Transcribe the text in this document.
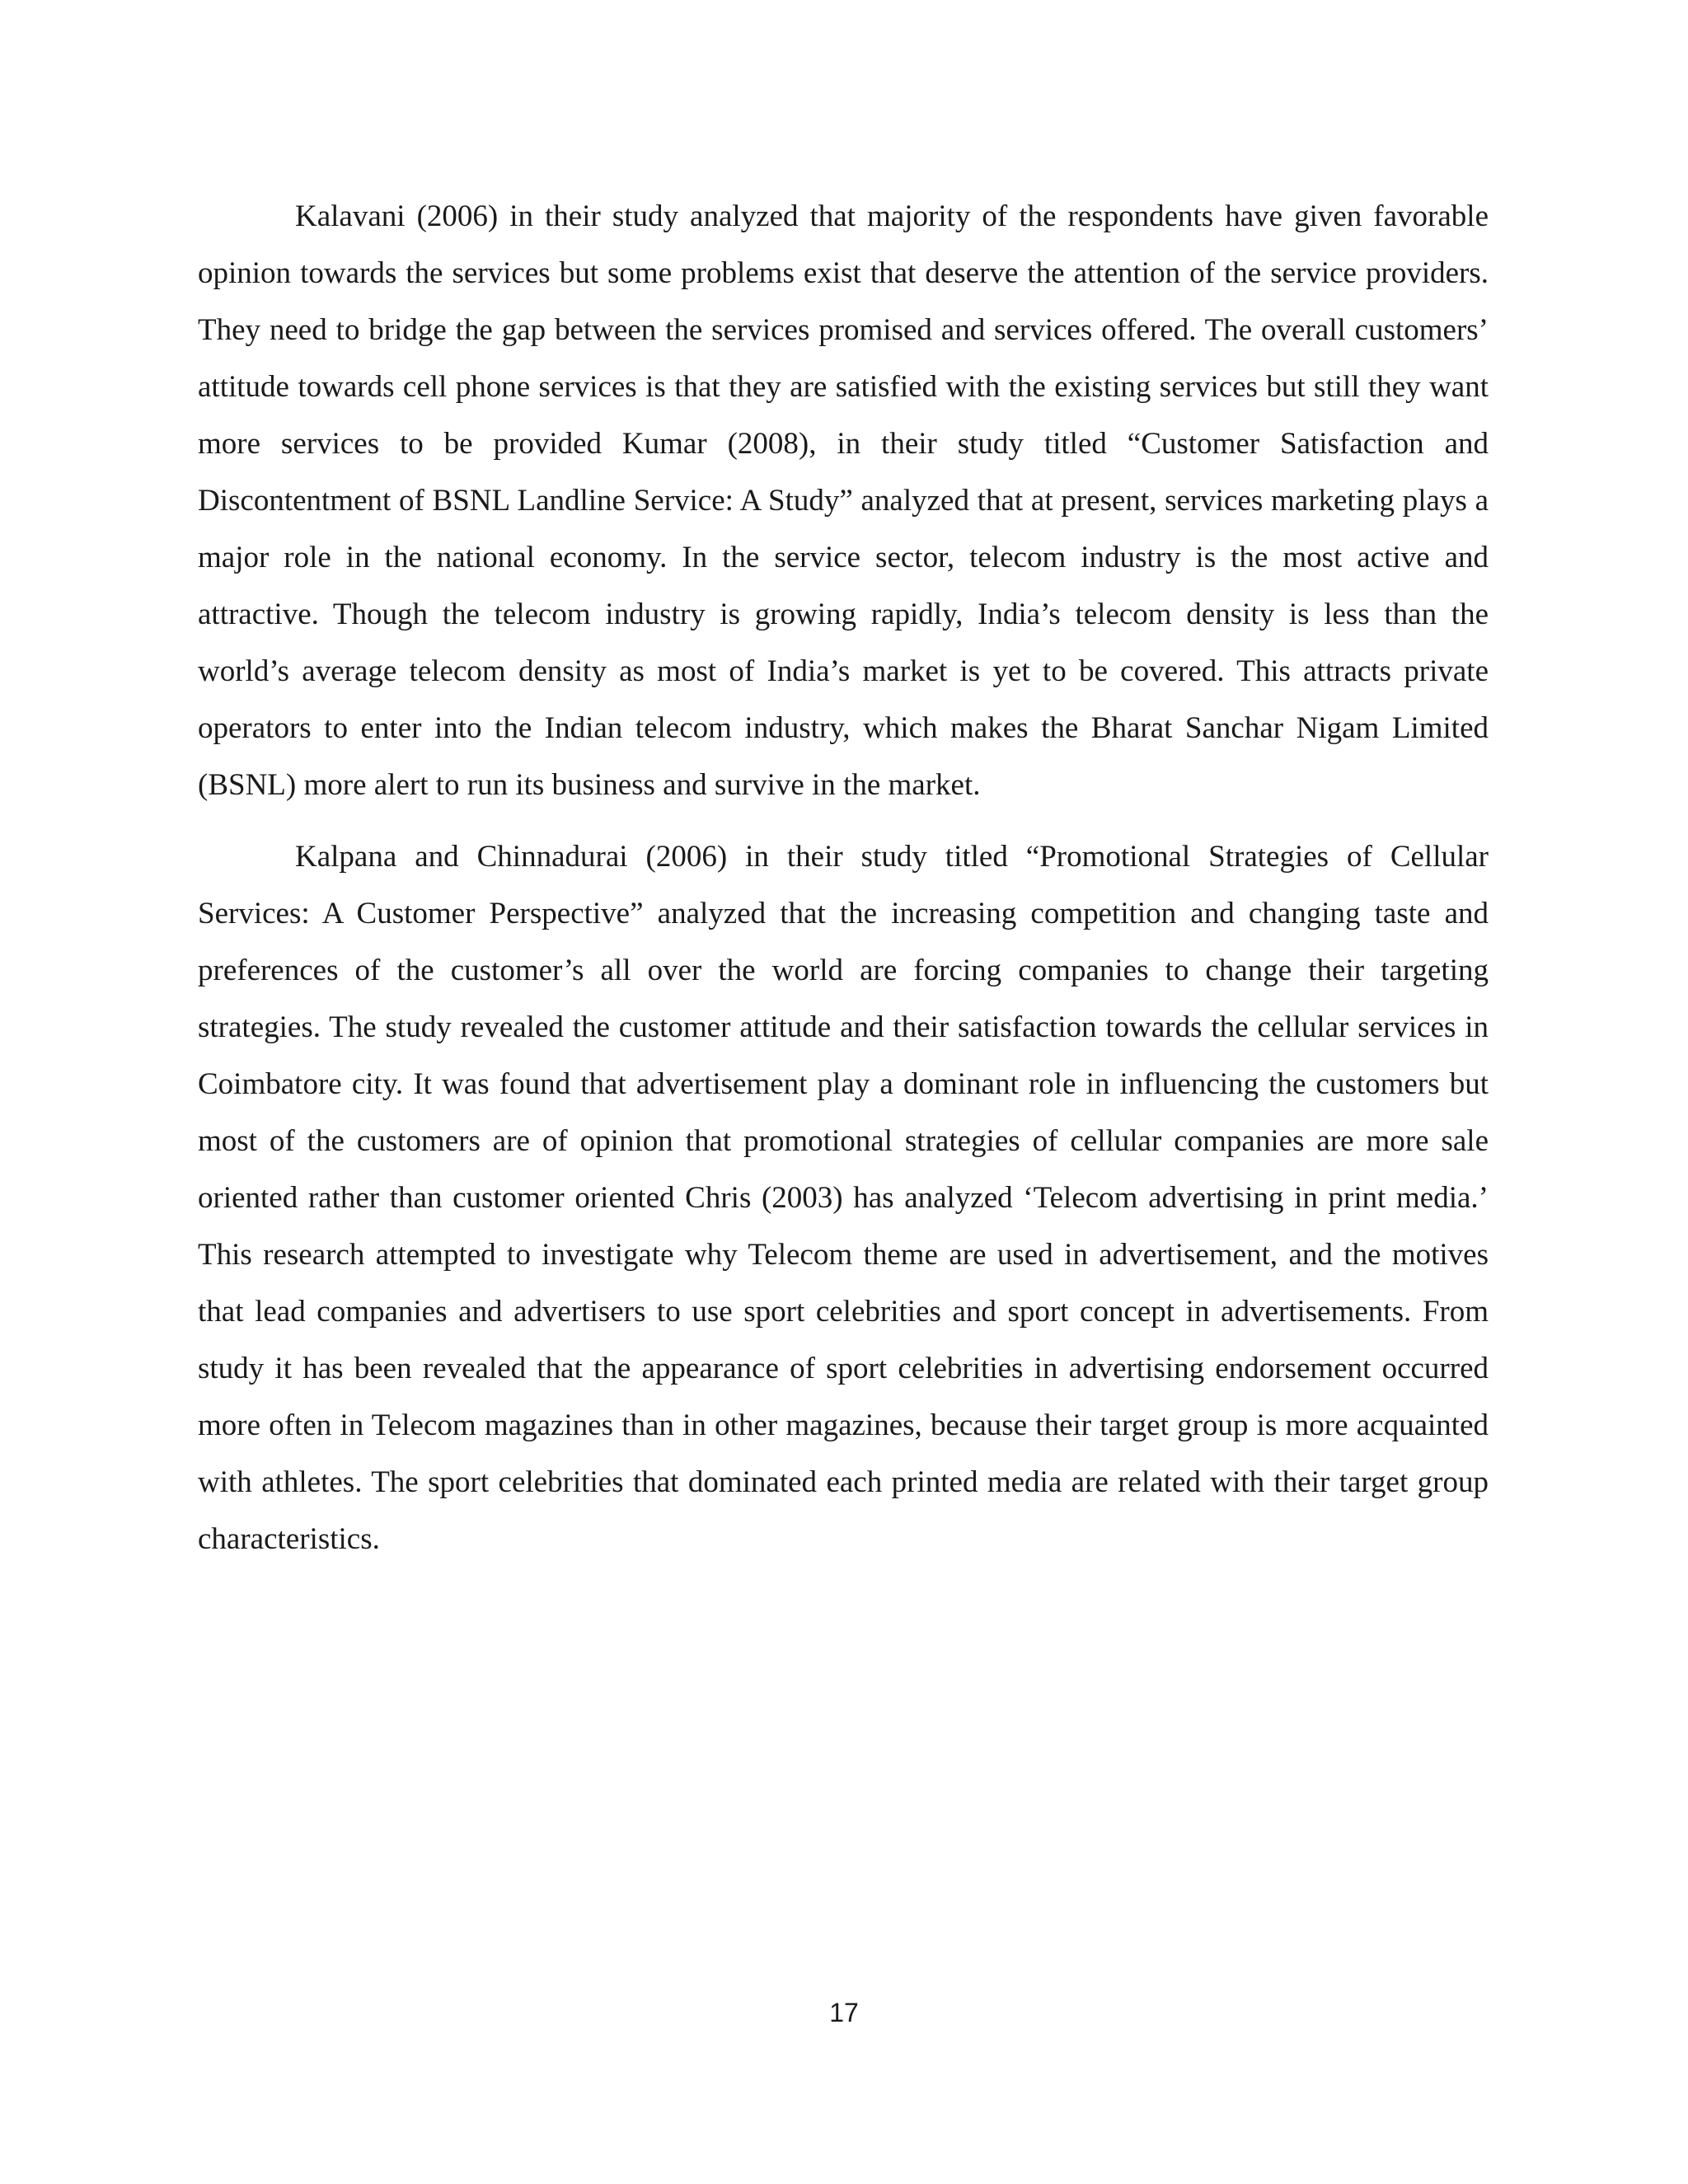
Kalavani (2006) in their study analyzed that majority of the respondents have given favorable opinion towards the services but some problems exist that deserve the attention of the service providers. They need to bridge the gap between the services promised and services offered. The overall customers’ attitude towards cell phone services is that they are satisfied with the existing services but still they want more services to be provided Kumar (2008), in their study titled “Customer Satisfaction and Discontentment of BSNL Landline Service: A Study” analyzed that at present, services marketing plays a major role in the national economy. In the service sector, telecom industry is the most active and attractive. Though the telecom industry is growing rapidly, India’s telecom density is less than the world’s average telecom density as most of India’s market is yet to be covered. This attracts private operators to enter into the Indian telecom industry, which makes the Bharat Sanchar Nigam Limited (BSNL) more alert to run its business and survive in the market.

Kalpana and Chinnadurai (2006) in their study titled “Promotional Strategies of Cellular Services: A Customer Perspective” analyzed that the increasing competition and changing taste and preferences of the customer’s all over the world are forcing companies to change their targeting strategies. The study revealed the customer attitude and their satisfaction towards the cellular services in Coimbatore city. It was found that advertisement play a dominant role in influencing the customers but most of the customers are of opinion that promotional strategies of cellular companies are more sale oriented rather than customer oriented Chris (2003) has analyzed ‘Telecom advertising in print media.’ This research attempted to investigate why Telecom theme are used in advertisement, and the motives that lead companies and advertisers to use sport celebrities and sport concept in advertisements. From study it has been revealed that the appearance of sport celebrities in advertising endorsement occurred more often in Telecom magazines than in other magazines, because their target group is more acquainted with athletes. The sport celebrities that dominated each printed media are related with their target group characteristics.

17
